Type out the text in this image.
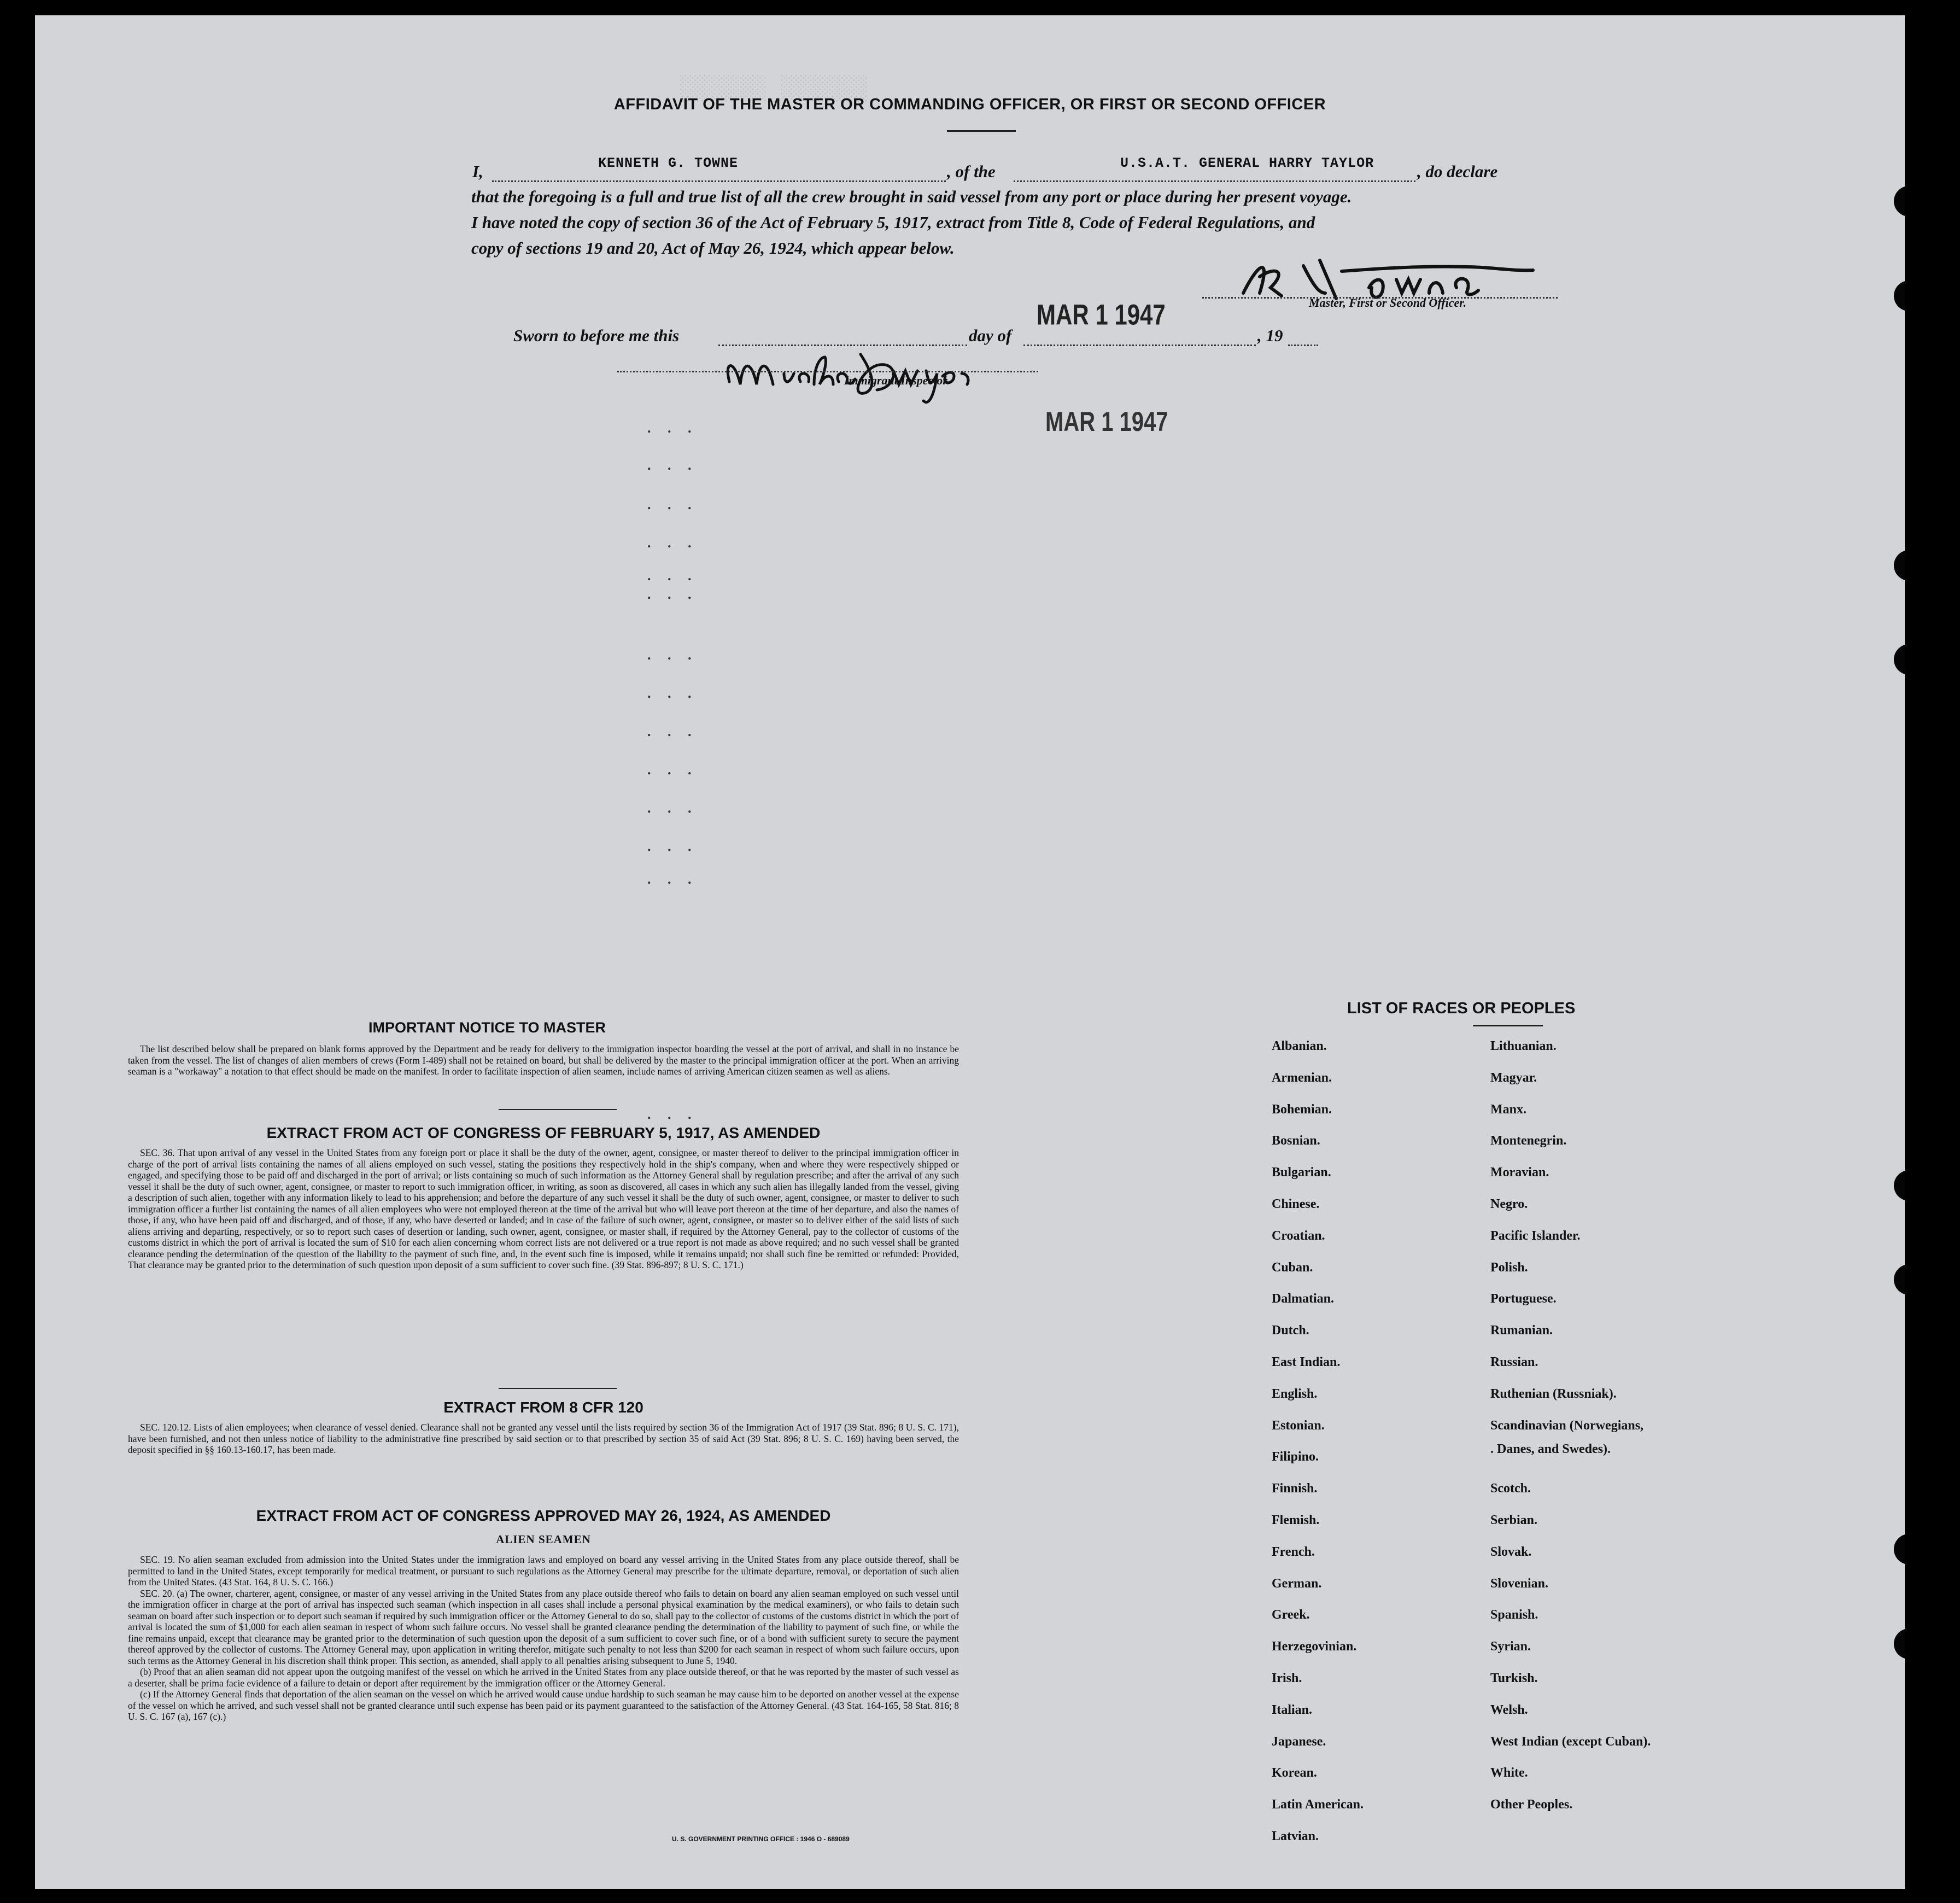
░░░░░░ ░░░░░░
AFFIDAVIT OF THE MASTER OR COMMANDING OFFICER, OR FIRST OR SECOND OFFICER
I,	KENNETH G. TOWNE	, of the	U.S.A.T. GENERAL HARRY TAYLOR	, do declare
that the foregoing is a full and true list of all the crew brought in said vessel from any port or place during her present voyage.
I have noted the copy of section 36 of the Act of February 5, 1917, extract from Title 8, Code of Federal Regulations, and
copy of sections 19 and 20, Act of May 26, 1924, which appear below.
Master, First or Second Officer.
Sworn to before me this	day of
MAR 1 1947
, 19
Immigrant Inspector.
MAR 1 1947
. . .
. . .
. . .
. . .
. . .
. . .
. . .
. . .
. . .
. . .
. . .
. . .
. . .
. . .
IMPORTANT NOTICE TO MASTER

The list described below shall be prepared on blank forms approved by the Department and be ready for delivery to the immigration inspector boarding the vessel at the port of arrival, and shall in no instance be taken from the vessel. The list of changes of alien members of crews (Form I-489) shall not be retained on board, but shall be delivered by the master to the principal immigration officer at the port. When an arriving seaman is a "workaway" a notation to that effect should be made on the manifest. In order to facilitate inspection of alien seamen, include names of arriving American citizen seamen as well as aliens.

EXTRACT FROM ACT OF CONGRESS OF FEBRUARY 5, 1917, AS AMENDED

SEC. 36. That upon arrival of any vessel in the United States from any foreign port or place it shall be the duty of the owner, agent, consignee, or master thereof to deliver to the principal immigration officer in charge of the port of arrival lists containing the names of all aliens employed on such vessel, stating the positions they respectively hold in the ship's company, when and where they were respectively shipped or engaged, and specifying those to be paid off and discharged in the port of arrival; or lists containing so much of such information as the Attorney General shall by regulation prescribe; and after the arrival of any such vessel it shall be the duty of such owner, agent, consignee, or master to report to such immigration officer, in writing, as soon as discovered, all cases in which any such alien has illegally landed from the vessel, giving a description of such alien, together with any information likely to lead to his apprehension; and before the departure of any such vessel it shall be the duty of such owner, agent, consignee, or master to deliver to such immigration officer a further list containing the names of all alien employees who were not employed thereon at the time of the arrival but who will leave port thereon at the time of her departure, and also the names of those, if any, who have been paid off and discharged, and of those, if any, who have deserted or landed; and in case of the failure of such owner, agent, consignee, or master so to deliver either of the said lists of such aliens arriving and departing, respectively, or so to report such cases of desertion or landing, such owner, agent, consignee, or master shall, if required by the Attorney General, pay to the collector of customs of the customs district in which the port of arrival is located the sum of $10 for each alien concerning whom correct lists are not delivered or a true report is not made as above required; and no such vessel shall be granted clearance pending the determination of the question of the liability to the payment of such fine, and, in the event such fine is imposed, while it remains unpaid; nor shall such fine be remitted or refunded: Provided, That clearance may be granted prior to the determination of such question upon deposit of a sum sufficient to cover such fine. (39 Stat. 896-897; 8 U. S. C. 171.)

EXTRACT FROM 8 CFR 120

SEC. 120.12. Lists of alien employees; when clearance of vessel denied. Clearance shall not be granted any vessel until the lists required by section 36 of the Immigration Act of 1917 (39 Stat. 896; 8 U. S. C. 171), have been furnished, and not then unless notice of liability to the administrative fine prescribed by said section or to that prescribed by section 35 of said Act (39 Stat. 896; 8 U. S. C. 169) having been served, the deposit specified in §§ 160.13-160.17, has been made.

EXTRACT FROM ACT OF CONGRESS APPROVED MAY 26, 1924, AS AMENDED
ALIEN SEAMEN

SEC. 19. No alien seaman excluded from admission into the United States under the immigration laws and employed on board any vessel arriving in the United States from any place outside thereof, shall be permitted to land in the United States, except temporarily for medical treatment, or pursuant to such regulations as the Attorney General may prescribe for the ultimate departure, removal, or deportation of such alien from the United States. (43 Stat. 164, 8 U. S. C. 166.)

SEC. 20. (a) The owner, charterer, agent, consignee, or master of any vessel arriving in the United States from any place outside thereof who fails to detain on board any alien seaman employed on such vessel until the immigration officer in charge at the port of arrival has inspected such seaman (which inspection in all cases shall include a personal physical examination by the medical examiners), or who fails to detain such seaman on board after such inspection or to deport such seaman if required by such immigration officer or the Attorney General to do so, shall pay to the collector of customs of the customs district in which the port of arrival is located the sum of $1,000 for each alien seaman in respect of whom such failure occurs. No vessel shall be granted clearance pending the determination of the liability to payment of such fine, or while the fine remains unpaid, except that clearance may be granted prior to the determination of such question upon the deposit of a sum sufficient to cover such fine, or of a bond with sufficient surety to secure the payment thereof approved by the collector of customs. The Attorney General may, upon application in writing therefor, mitigate such penalty to not less than $200 for each seaman in respect of whom such failure occurs, upon such terms as the Attorney General in his discretion shall think proper. This section, as amended, shall apply to all penalties arising subsequent to June 5, 1940.

(b) Proof that an alien seaman did not appear upon the outgoing manifest of the vessel on which he arrived in the United States from any place outside thereof, or that he was reported by the master of such vessel as a deserter, shall be prima facie evidence of a failure to detain or deport after requirement by the immigration officer or the Attorney General.

(c) If the Attorney General finds that deportation of the alien seaman on the vessel on which he arrived would cause undue hardship to such seaman he may cause him to be deported on another vessel at the expense of the vessel on which he arrived, and such vessel shall not be granted clearance until such expense has been paid or its payment guaranteed to the satisfaction of the Attorney General. (43 Stat. 164-165, 58 Stat. 816; 8 U. S. C. 167 (a), 167 (c).)

U. S. GOVERNMENT PRINTING OFFICE : 1946 O - 689089
LIST OF RACES OR PEOPLES
Albanian.
Armenian.
Bohemian.
Bosnian.
Bulgarian.
Chinese.
Croatian.
Cuban.
Dalmatian.
Dutch.
East Indian.
English.
Estonian.
Filipino.
Finnish.
Flemish.
French.
German.
Greek.
Herzegovinian.
Irish.
Italian.
Japanese.
Korean.
Latin American.
Latvian.
Lithuanian.
Magyar.
Manx.
Montenegrin.
Moravian.
Negro.
Pacific Islander.
Polish.
Portuguese.
Rumanian.
Russian.
Ruthenian (Russniak).
Scandinavian (Norwegians,
. Danes, and Swedes).
Scotch.
Serbian.
Slovak.
Slovenian.
Spanish.
Syrian.
Turkish.
Welsh.
West Indian (except Cuban).
White.
Other Peoples.
